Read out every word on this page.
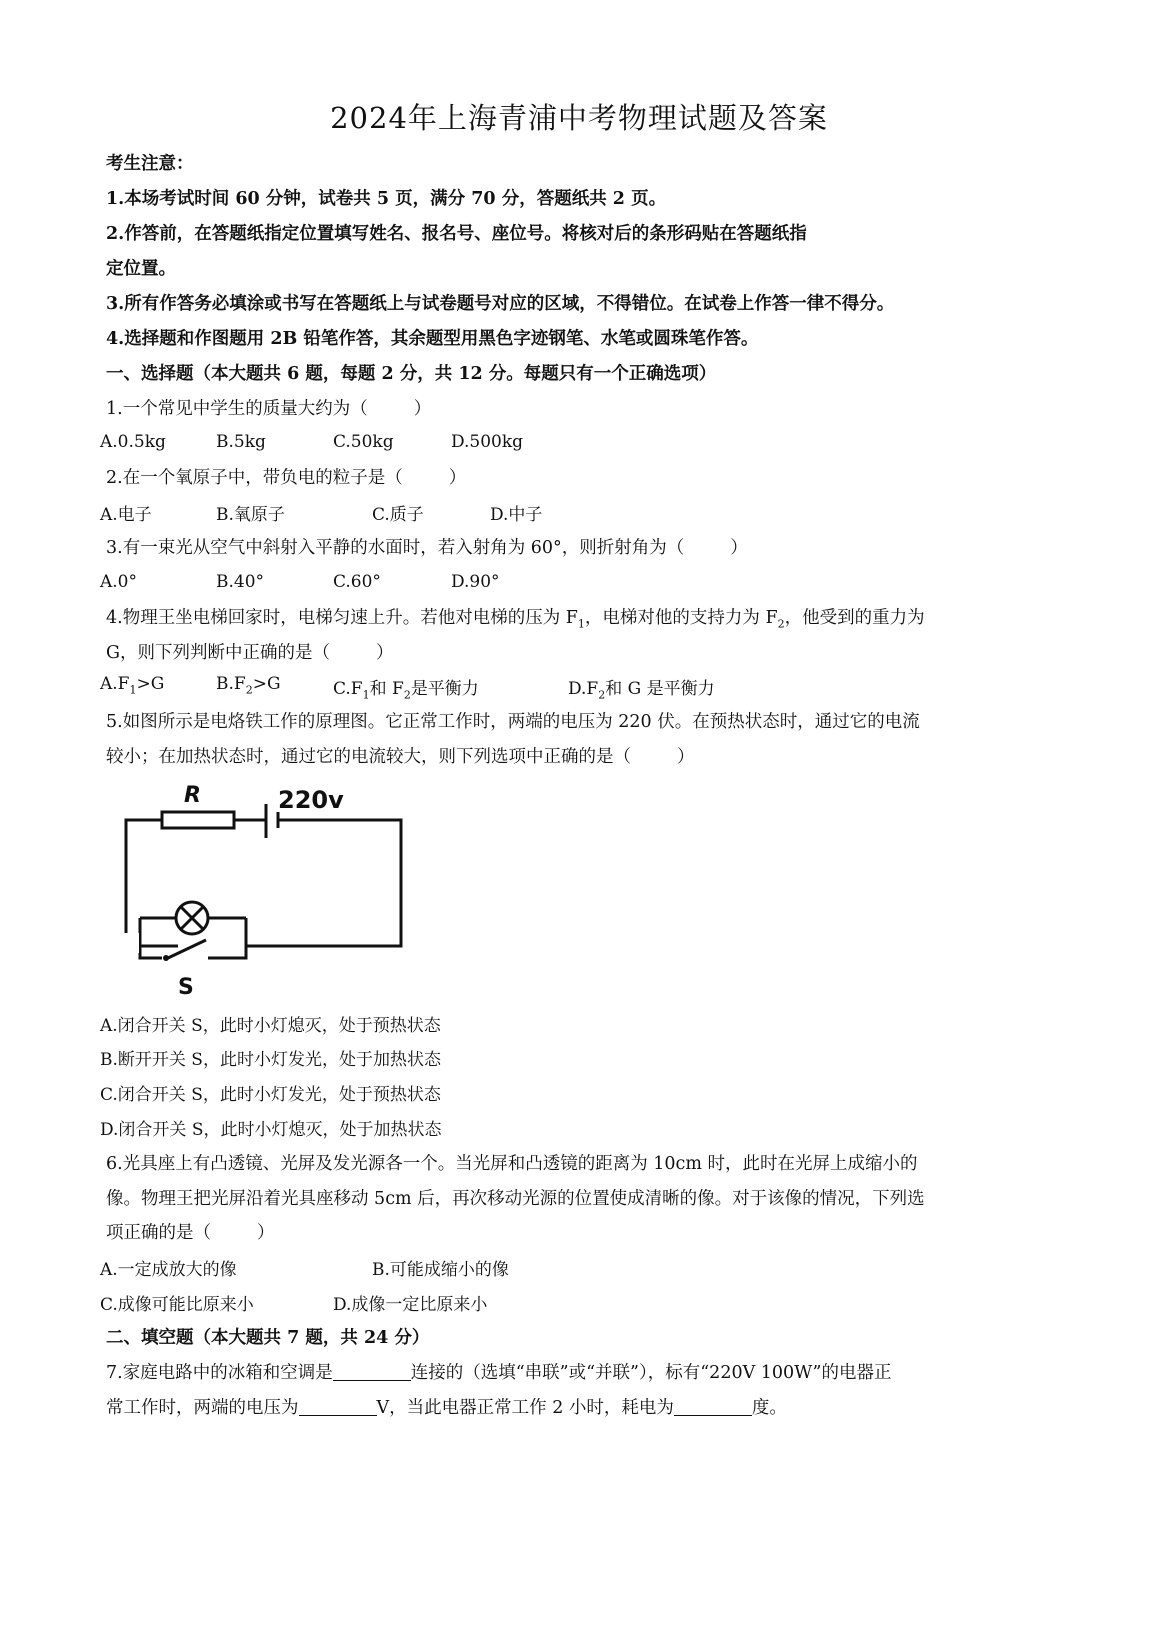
2024年上海青浦中考物理试题及答案
考生注意：
1.本场考试时间 60 分钟，试卷共 5 页，满分 70 分，答题纸共 2 页。
2.作答前，在答题纸指定位置填写姓名、报名号、座位号。将核对后的条形码贴在答题纸指
定位置。
3.所有作答务必填涂或书写在答题纸上与试卷题号对应的区域，不得错位。在试卷上作答一律不得分。
4.选择题和作图题用 2B 铅笔作答，其余题型用黑色字迹钢笔、水笔或圆珠笔作答。
一、选择题（本大题共 6 题，每题 2 分，共 12 分。每题只有一个正确选项）
1.一个常见中学生的质量大约为（	）
A.0.5kg	B.5kg	C.50kg	D.500kg
2.在一个氧原子中，带负电的粒子是（	）
A.电子	B.氧原子	C.质子	D.中子
3.有一束光从空气中斜射入平静的水面时，若入射角为 60°，则折射角为（	）
A.0°	B.40°	C.60°	D.90°
4.物理王坐电梯回家时，电梯匀速上升。若他对电梯的压为 $F_1$，电梯对他的支持力为 $F_2$，他受到的重力为
G，则下列判断中正确的是（	）
$A.F_1>G$	$B.F_2>G$	$C.F_1$和 $F_2$是平衡力	$D.F_2$和 G 是平衡力
5.如图所示是电烙铁工作的原理图。它正常工作时，两端的电压为 220 伏。在预热状态时，通过它的电流
较小；在加热状态时，通过它的电流较大，则下列选项中正确的是（	）
R	220v
S
A.闭合开关 S，此时小灯熄灭，处于预热状态
B.断开开关 S，此时小灯发光，处于加热状态
C.闭合开关 S，此时小灯发光，处于预热状态
D.闭合开关 S，此时小灯熄灭，处于加热状态
6.光具座上有凸透镜、光屏及发光源各一个。当光屏和凸透镜的距离为 10cm 时，此时在光屏上成缩小的
像。物理王把光屏沿着光具座移动 5cm 后，再次移动光源的位置使成清晰的像。对于该像的情况，下列选
项正确的是（	）
A.一定成放大的像	B.可能成缩小的像
C.成像可能比原来小	D.成像一定比原来小
二、填空题（本大题共 7 题，共 24 分）
7.家庭电路中的冰箱和空调是	连接的（选填“串联”或“并联”），标有“220V 100W”的电器正
常工作时，两端的电压为	V，当此电器正常工作 2 小时，耗电为	度。
